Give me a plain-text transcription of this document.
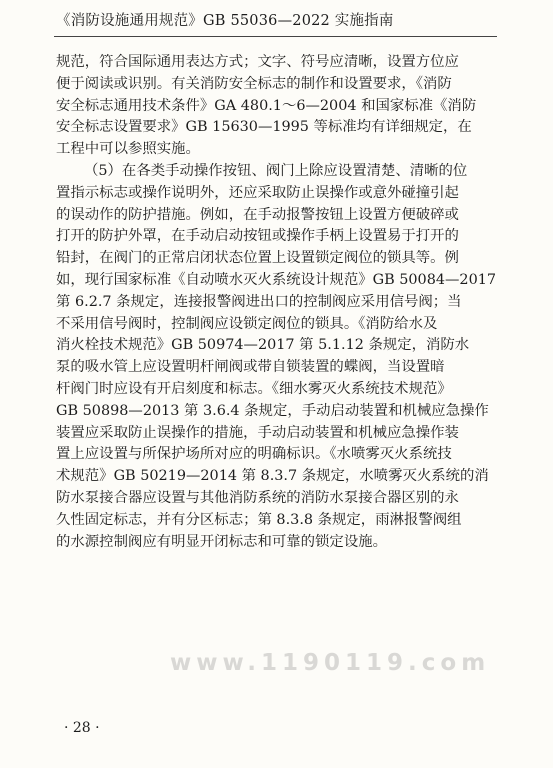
《消防设施通用规范》GB 55036—2022 实施指南

规范，符合国际通用表达方式；文字、符号应清晰，设置方位应
便于阅读或识别。有关消防安全标志的制作和设置要求，《消防
安全标志通用技术条件》GA 480.1～6—2004 和国家标准《消防
安全标志设置要求》GB 15630—1995 等标准均有详细规定，在
工程中可以参照实施。

（5）在各类手动操作按钮、阀门上除应设置清楚、清晰的位
置指示标志或操作说明外，还应采取防止误操作或意外碰撞引起
的误动作的防护措施。例如，在手动报警按钮上设置方便破碎或
打开的防护外罩，在手动启动按钮或操作手柄上设置易于打开的
铅封，在阀门的正常启闭状态位置上设置锁定阀位的锁具等。例
如，现行国家标准《自动喷水灭火系统设计规范》GB 50084—2017
第 6.2.7 条规定，连接报警阀进出口的控制阀应采用信号阀；当
不采用信号阀时，控制阀应设锁定阀位的锁具。《消防给水及
消火栓技术规范》GB 50974—2017 第 5.1.12 条规定，消防水
泵的吸水管上应设置明杆闸阀或带自锁装置的蝶阀，当设置暗
杆阀门时应设有开启刻度和标志。《细水雾灭火系统技术规范》
GB 50898—2013 第 3.6.4 条规定，手动启动装置和机械应急操作
装置应采取防止误操作的措施，手动启动装置和机械应急操作装
置上应设置与所保护场所对应的明确标识。《水喷雾灭火系统技
术规范》GB 50219—2014 第 8.3.7 条规定，水喷雾灭火系统的消
防水泵接合器应设置与其他消防系统的消防水泵接合器区别的永
久性固定标志，并有分区标志；第 8.3.8 条规定，雨淋报警阀组
的水源控制阀应有明显开闭标志和可靠的锁定设施。

www.1190119.com
· 28 ·
